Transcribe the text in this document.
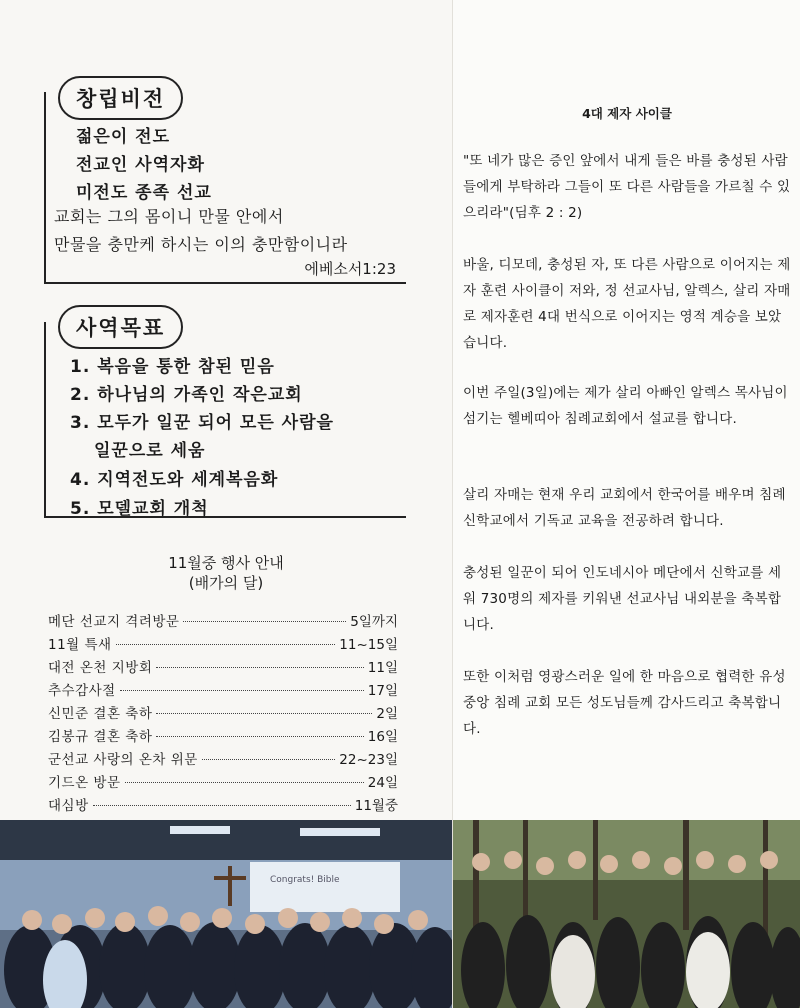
창립비전
젊은이 전도
전교인 사역자화
미전도 종족 선교
교회는 그의 몸이니 만물 안에서
만물을 충만케 하시는 이의 충만함이니라
에베소서1:23
사역목표
1. 복음을 통한 참된 믿음
2. 하나님의 가족인 작은교회
3. 모두가 일꾼 되어 모든 사람을
일꾼으로 세움
4. 지역전도와 세계복음화
5. 모델교회 개척
11월중 행사 안내
(배가의 달)
메단 선교지 격려방문	5일까지
11월 특새	11~15일
대전 온천 지방회	11일
추수감사절	17일
신민준 결혼 축하	2일
김봉규 결혼 축하	16일
군선교 사랑의 온차 위문	22~23일
기드온 방문	24일
대심방	11월중
Congrats! Bible
4대 제자 사이클
"또 네가 많은 증인 앞에서 내게 들은 바를 충성된 사람들에게 부탁하라 그들이 또 다른 사람들을 가르칠 수 있으리라"(딤후 2 : 2)
바울, 디모데, 충성된 자, 또 다른 사람으로 이어지는 제자 훈련 사이클이 저와, 정 선교사님, 알렉스, 살리 자매로 제자훈련 4대 번식으로 이어지는 영적 계승을 보았습니다.
이번 주일(3일)에는 제가 살리 아빠인 알렉스 목사님이 섬기는 헬베띠아 침례교회에서 설교를 합니다.
살리 자매는 현재 우리 교회에서 한국어를 배우며 침례신학교에서 기독교 교육을 전공하려 합니다.
충성된 일꾼이 되어 인도네시아 메단에서 신학교를 세워 730명의 제자를 키워낸 선교사님 내외분을 축복합니다.
또한 이처럼 영광스러운 일에 한 마음으로 협력한 유성중앙 침례 교회 모든 성도님들께 감사드리고 축복합니다.
